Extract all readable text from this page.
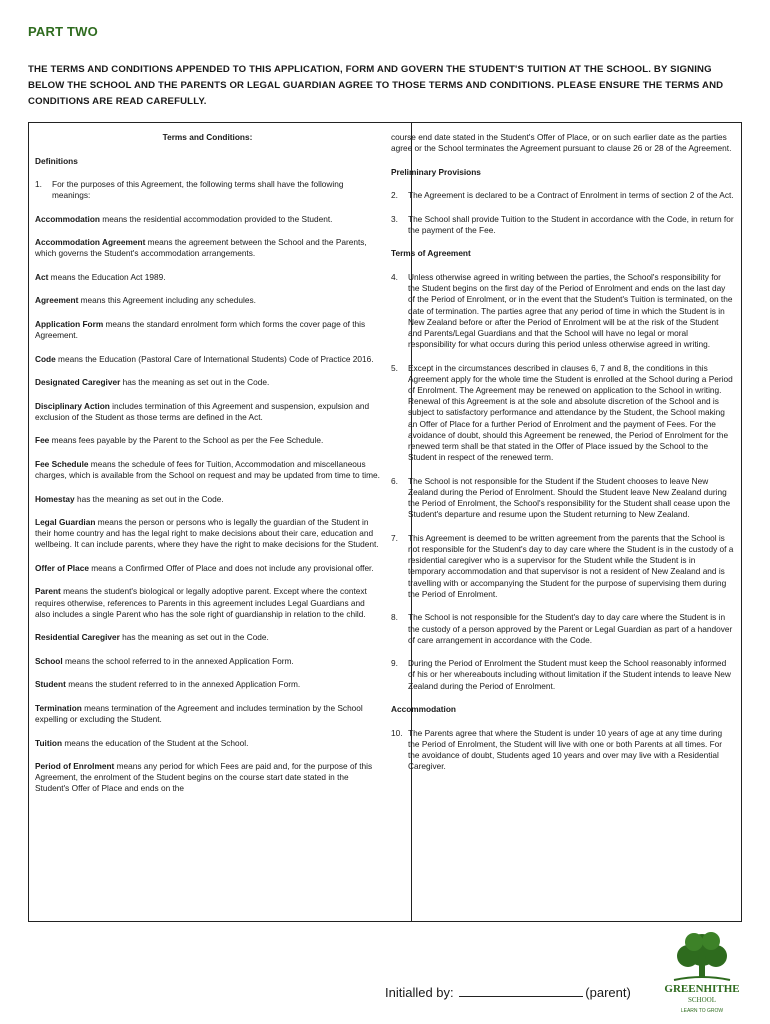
PART TWO
THE TERMS AND CONDITIONS APPENDED TO THIS APPLICATION, FORM AND GOVERN THE STUDENT'S TUITION AT THE SCHOOL. BY SIGNING BELOW THE SCHOOL AND THE PARENTS OR LEGAL GUARDIAN AGREE TO THOSE TERMS AND CONDITIONS. PLEASE ENSURE THE TERMS AND CONDITIONS ARE READ CAREFULLY.

Terms and Conditions:

Definitions

1.	For the purposes of this Agreement, the following terms shall have the following meanings:

Accommodation means the residential accommodation provided to the Student.

Accommodation Agreement means the agreement between the School and the Parents, which governs the Student's accommodation arrangements.

Act means the Education Act 1989.

Agreement means this Agreement including any schedules.

Application Form means the standard enrolment form which forms the cover page of this Agreement.

Code means the Education (Pastoral Care of International Students) Code of Practice 2016.

Designated Caregiver has the meaning as set out in the Code.

Disciplinary Action includes termination of this Agreement and suspension, expulsion and exclusion of the Student as those terms are defined in the Act.

Fee means fees payable by the Parent to the School as per the Fee Schedule.

Fee Schedule means the schedule of fees for Tuition, Accommodation and miscellaneous charges, which is available from the School on request and may be updated from time to time.

Homestay has the meaning as set out in the Code.

Legal Guardian means the person or persons who is legally the guardian of the Student in their home country and has the legal right to make decisions about their care, education and wellbeing. It can include parents, where they have the right to make decisions for the Student.

Offer of Place means a Confirmed Offer of Place and does not include any provisional offer.

Parent means the student's biological or legally adoptive parent. Except where the context requires otherwise, references to Parents in this agreement includes Legal Guardians and also includes a single Parent who has the sole right of guardianship in relation to the child.

Residential Caregiver has the meaning as set out in the Code.

School means the school referred to in the annexed Application Form.

Student means the student referred to in the annexed Application Form.

Termination means termination of the Agreement and includes termination by the School expelling or excluding the Student.

Tuition means the education of the Student at the School.

Period of Enrolment means any period for which Fees are paid and, for the purpose of this Agreement, the enrolment of the Student begins on the course start date stated in the Student's Offer of Place and ends on the

course end date stated in the Student's Offer of Place, or on such earlier date as the parties agree or the School terminates the Agreement pursuant to clause 26 or 28 of the Agreement.

Preliminary Provisions

2.	The Agreement is declared to be a Contract of Enrolment in terms of section 2 of the Act.

3.	The School shall provide Tuition to the Student in accordance with the Code, in return for the payment of the Fee.

Terms of Agreement

4.	Unless otherwise agreed in writing between the parties, the School's responsibility for the Student begins on the first day of the Period of Enrolment and ends on the last day of the Period of Enrolment, or in the event that the Student's Tuition is terminated, on the date of termination. The parties agree that any period of time in which the Student is in New Zealand before or after the Period of Enrolment will be at the risk of the Student and Parents/Legal Guardians and that the School will have no legal or moral responsibility for what occurs during this period unless otherwise agreed in writing.

5.	Except in the circumstances described in clauses 6, 7 and 8, the conditions in this Agreement apply for the whole time the Student is enrolled at the School during a Period of Enrolment. The Agreement may be renewed on application to the School in writing. Renewal of this Agreement is at the sole and absolute discretion of the School and is subject to satisfactory performance and attendance by the Student, the School making an Offer of Place for a further Period of Enrolment and the payment of Fees. For the avoidance of doubt, should this Agreement be renewed, the Period of Enrolment for the renewed term shall be that stated in the Offer of Place issued by the School to the Student in respect of the renewed term.

6.	The School is not responsible for the Student if the Student chooses to leave New Zealand during the Period of Enrolment. Should the Student leave New Zealand during the Period of Enrolment, the School's responsibility for the Student shall cease upon the Student's departure and resume upon the Student returning to New Zealand.

7.	This Agreement is deemed to be written agreement from the parents that the School is not responsible for the Student's day to day care where the Student is in the custody of a residential caregiver who is a supervisor for the Student while the Student is in temporary accommodation and that supervisor is not a resident of New Zealand and is travelling with or accompanying the Student for the purpose of supervising them during the Period of Enrolment.

8.	The School is not responsible for the Student's day to day care where the Student is in the custody of a person approved by the Parent or Legal Guardian as part of a handover of care arrangement in accordance with the Code.

9.	During the Period of Enrolment the Student must keep the School reasonably informed of his or her whereabouts including without limitation if the Student intends to leave New Zealand during the Period of Enrolment.

Accommodation

10. The Parents agree that where the Student is under 10 years of age at any time during the Period of Enrolment, the Student will live with one or both Parents at all times. For the avoidance of doubt, Students aged 10 years and over may live with a Residential Caregiver.

Initialled by:	(parent)	GREENHITHE
SCHOOL
LEARN TO GROW
